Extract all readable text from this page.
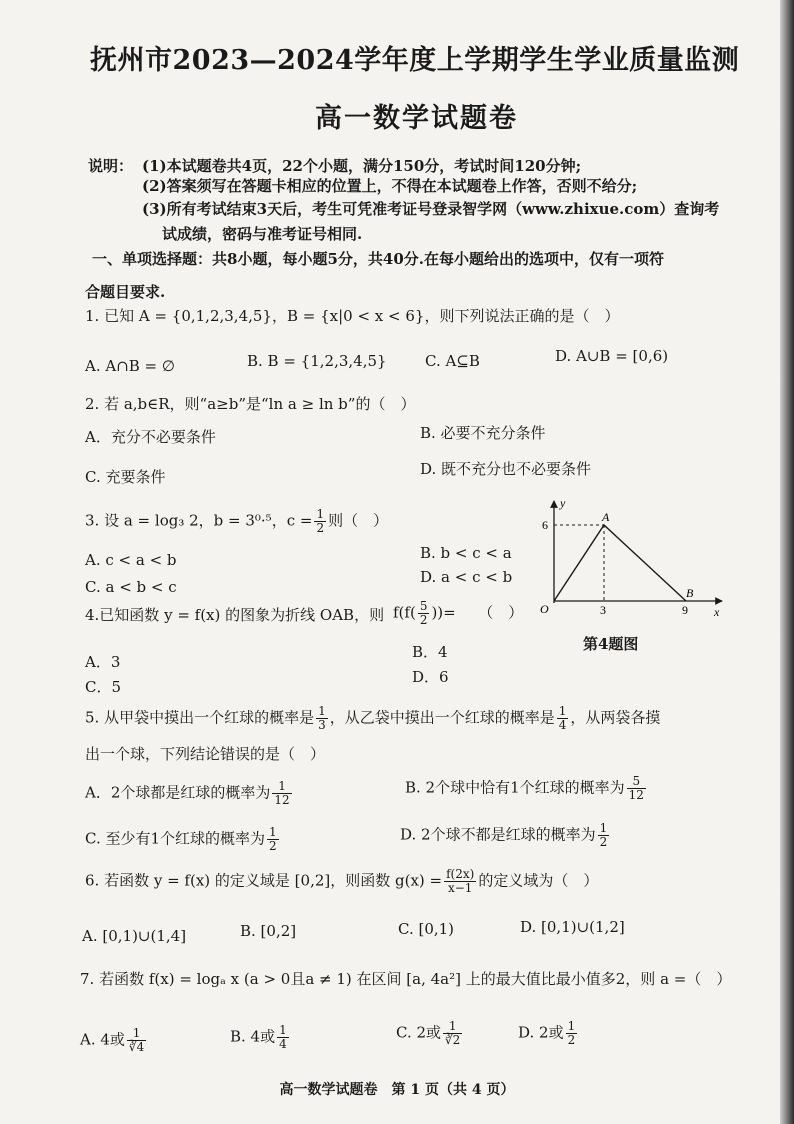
抚州市2023—2024学年度上学期学生学业质量监测
高一数学试题卷
说明： (1)本试题卷共4页，22个小题，满分150分，考试时间120分钟;
(2)答案须写在答题卡相应的位置上，不得在本试题卷上作答，否则不给分;
(3)所有考试结束3天后，考生可凭准考证号登录智学网（www.zhixue.com）查询考
试成绩，密码与准考证号相同.
一、单项选择题：共8小题，每小题5分，共40分.在每小题给出的选项中，仅有一项符
合题目要求.
1. 已知 A = {0,1,2,3,4,5}，B = {x|0 < x < 6}，则下列说法正确的是（　）
A. A∩B = ∅	B. B = {1,2,3,4,5}	C. A⊆B	D. A∪B = [0,6)
2. 若 a,b∈R，则“a≥b”是“ln a ≥ ln b”的（　）
A．充分不必要条件	B. 必要不充分条件
C. 充要条件	D. 既不充分也不必要条件
3. 设 a = log₃ 2，b = 3⁰·⁵，$c = \frac{1}{2}$ 则（　）
A. c < a < b	B. b < c < a
C. a < b < c
D. a < c < b
y
x
O
A
B
6
3	9
第4题图
4.已知函数 y = f(x) 的图象为折线 OAB，则 $f(f( \frac{5}{2}$ ))=　　（　）
A．3
B．4
C．5
D．6
5. 从甲袋中摸出一个红球的概率是 $\frac{1}{3}$ ，从乙袋中摸出一个红球的概率是 $\frac{1}{4}$ ，从两袋各摸
出一个球，下列结论错误的是（　）
A．2个球都是红球的概率为 $\frac{1}{12}$	B. 2个球中恰有1个红球的概率为 $\frac{5}{12}$
C. 至少有1个红球的概率为 $\frac{1}{2}$	D. 2个球不都是红球的概率为 $\frac{1}{2}$
6. 若函数 y = f(x) 的定义域是 [0,2]，则函数 $g(x) = \frac{f(2x)}{x-1}$ 的定义域为（　）
A. [0,1)∪(1,4]	B. [0,2]	C. [0,1)	D. [0,1)∪(1,2]
7. 若函数 f(x) = logₐ x (a > 0且a ≠ 1) 在区间 [a, 4a²] 上的最大值比最小值多2，则 a =（　）
A. 4或 $\frac{1}{∛4}$	B. 4或 $\frac{1}{4}$	C. 2或 $\frac{1}{∛2}$	D. 2或 $\frac{1}{2}$
高一数学试题卷　第 1 页（共 4 页）
